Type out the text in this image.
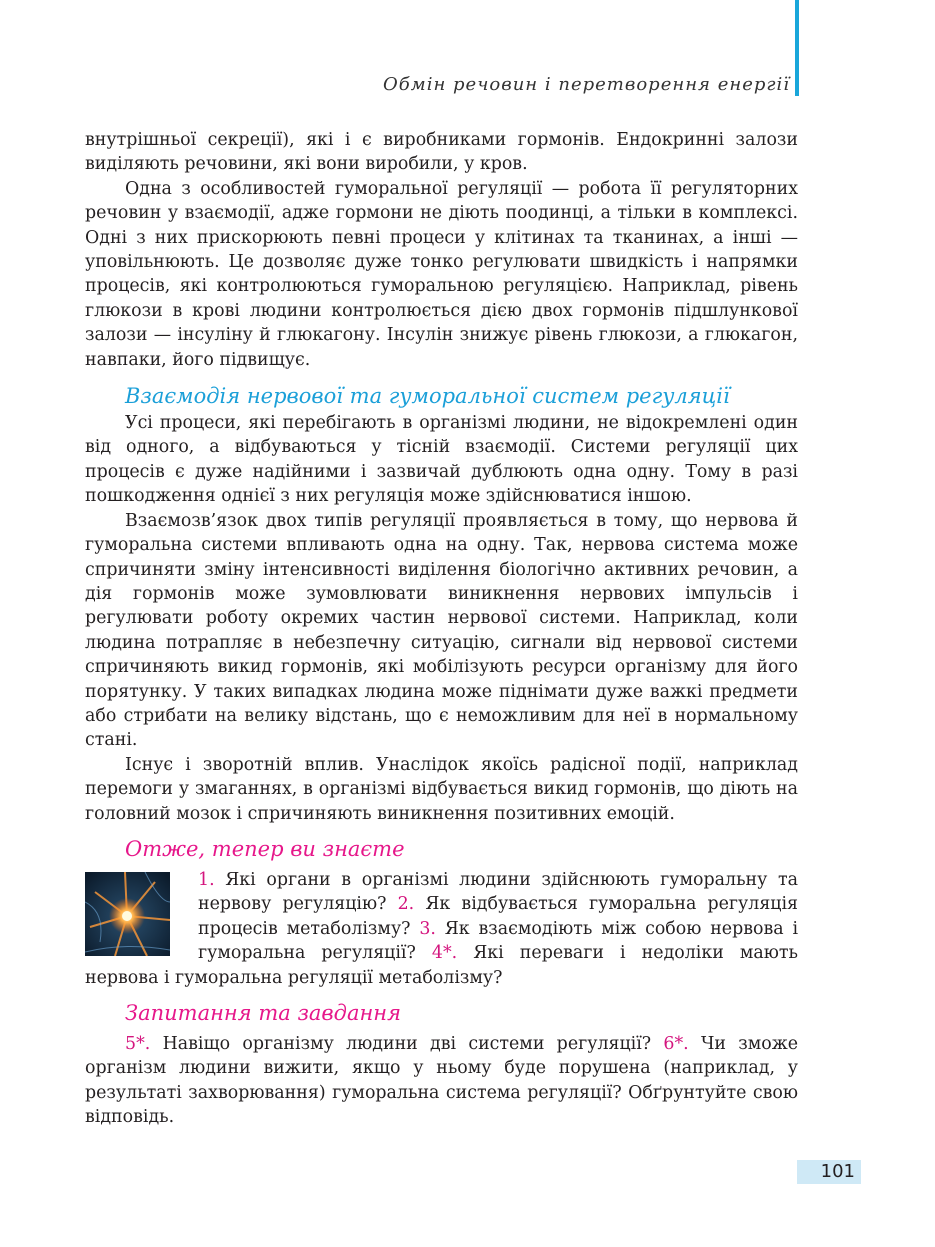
Обмін речовин і перетворення енергії

внутрішньої секреції), які і є виробниками гормонів. Ендокринні залози виділяють речовини, які вони виробили, у кров.

Одна з особливостей гуморальної регуляції — робота її регуляторних речовин у взаємодії, адже гормони не діють поодинці, а тільки в комплексі. Одні з них прискорюють певні процеси у клітинах та тканинах, а інші — уповільнюють. Це дозволяє дуже тонко регулювати швидкість і напрямки процесів, які контролюються гуморальною регуляцією. Наприклад, рівень глюкози в крові людини контролюється дією двох гормонів підшлункової залози — інсуліну й глюкагону. Інсулін знижує рівень глюкози, а глюкагон, навпаки, його підвищує.

Взаємодія нервової та гуморальної систем регуляції

Усі процеси, які перебігають в організмі людини, не відокремлені один від одного, а відбуваються у тісній взаємодії. Системи регуляції цих процесів є дуже надійними і зазвичай дублюють одна одну. Тому в разі пошкодження однієї з них регуляція може здійснюватися іншою.

Взаємозв’язок двох типів регуляції проявляється в тому, що нервова й гуморальна системи впливають одна на одну. Так, нервова система може спричиняти зміну інтенсивності виділення біологічно активних речовин, а дія гормонів може зумовлювати виникнення нервових імпульсів і регулювати роботу окремих частин нервової системи. Наприклад, коли людина потрапляє в небезпечну ситуацію, сигнали від нервової системи спричиняють викид гормонів, які мобілізують ресурси організму для його порятунку. У таких випадках людина може піднімати дуже важкі предмети або стрибати на велику відстань, що є неможливим для неї в нормальному стані.

Існує і зворотній вплив. Унаслідок якоїсь радісної події, наприклад перемоги у змаганнях, в організмі відбувається викид гормонів, що діють на головний мозок і спричиняють виникнення позитивних емоцій.

Отже, тепер ви знаєте

1. Які органи в організмі людини здійснюють гуморальну та нервову регуляцію? 2. Як відбувається гуморальна регуляція процесів метаболізму? 3. Як взаємодіють між собою нервова і гуморальна регуляції? 4*. Які переваги і недоліки мають нервова і гуморальна регуляції метаболізму?

Запитання та завдання

5*. Навіщо організму людини дві системи регуляції? 6*. Чи зможе організм людини вижити, якщо у ньому буде порушена (наприклад, у результаті захворювання) гуморальна система регуляції? Обґрунтуйте свою відповідь.

101
